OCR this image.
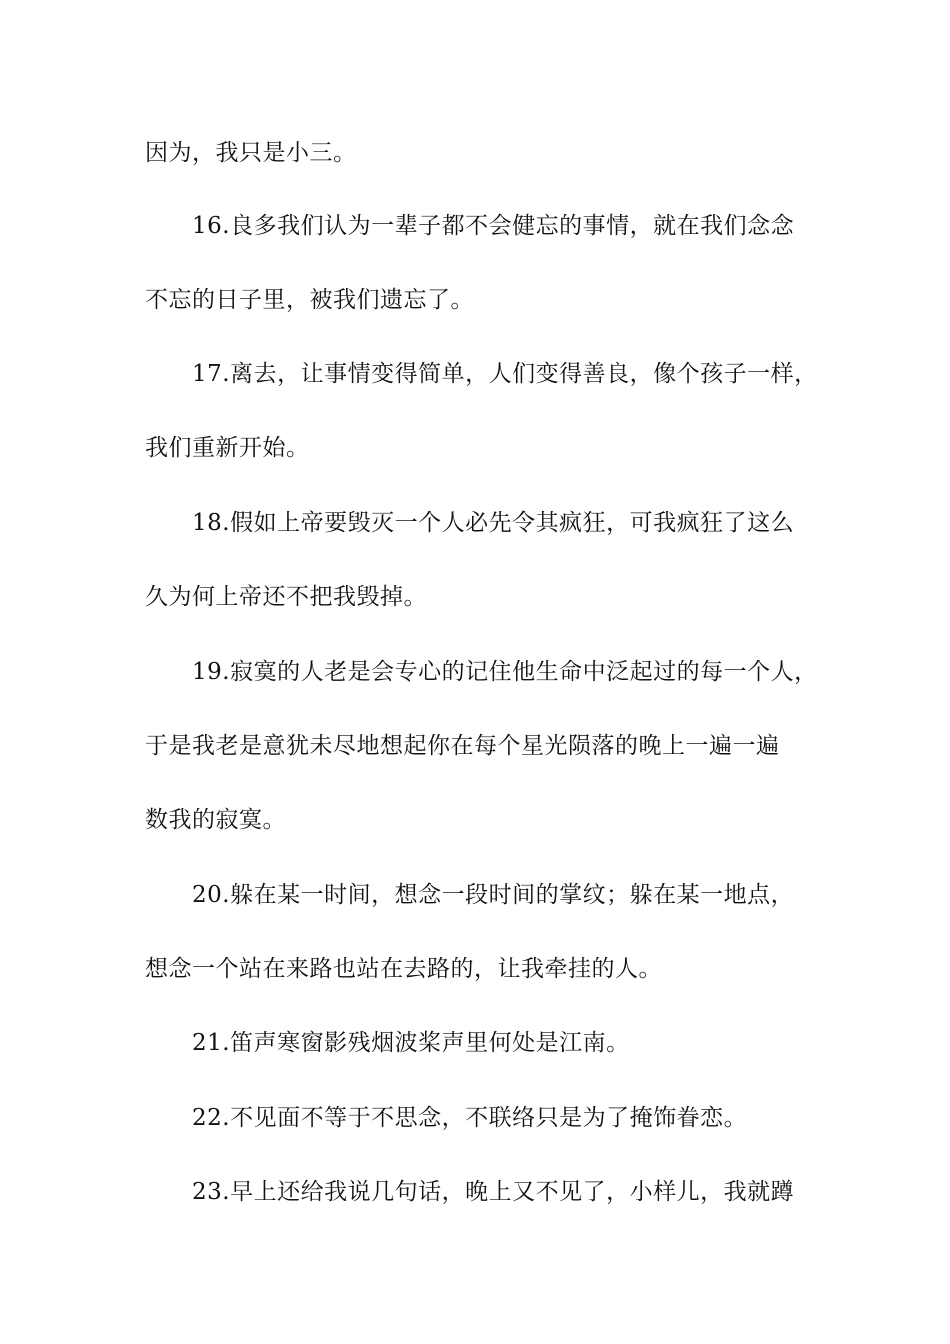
因为，我只是小三。
16.良多我们认为一辈子都不会健忘的事情，就在我们念念
不忘的日子里，被我们遗忘了。
17.离去，让事情变得简单，人们变得善良，像个孩子一样，
我们重新开始。
18.假如上帝要毁灭一个人必先令其疯狂，可我疯狂了这么
久为何上帝还不把我毁掉。
19.寂寞的人老是会专心的记住他生命中泛起过的每一个人，
于是我老是意犹未尽地想起你在每个星光陨落的晚上一遍一遍
数我的寂寞。
20.躲在某一时间，想念一段时间的掌纹；躲在某一地点，
想念一个站在来路也站在去路的，让我牵挂的人。
21.笛声寒窗影残烟波桨声里何处是江南。
22.不见面不等于不思念，不联络只是为了掩饰眷恋。
23.早上还给我说几句话，晚上又不见了，小样儿，我就蹲
